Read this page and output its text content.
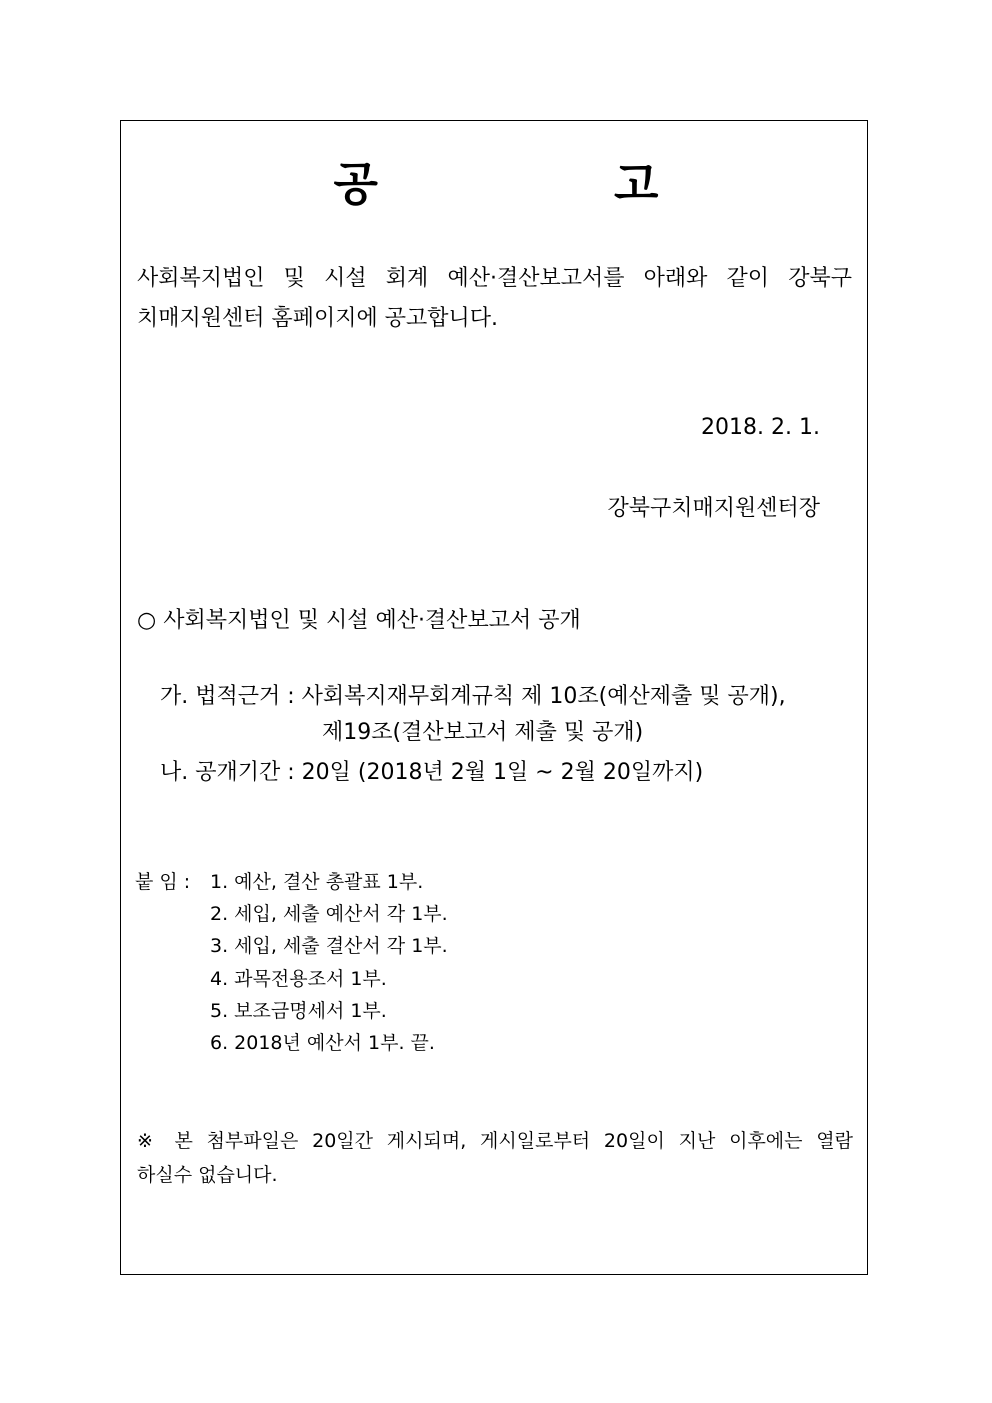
공 고
사회복지법인 및 시설 회계 예산·결산보고서를 아래와 같이 강북구
치매지원센터 홈페이지에 공고합니다.
2018. 2. 1.
강북구치매지원센터장
○ 사회복지법인 및 시설 예산·결산보고서 공개
가. 법적근거 : 사회복지재무회계규칙 제 10조(예산제출 및 공개),
제19조(결산보고서 제출 및 공개)
나. 공개기간 : 20일 (2018년 2월 1일 ~ 2월 20일까지)
붙 임 : 1. 예산, 결산 총괄표 1부.
2. 세입, 세출 예산서 각 1부.
3. 세입, 세출 결산서 각 1부.
4. 과목전용조서 1부.
5. 보조금명세서 1부.
6. 2018년 예산서 1부. 끝.
※ 본 첨부파일은 20일간 게시되며, 게시일로부터 20일이 지난 이후에는 열람
하실수 없습니다.
